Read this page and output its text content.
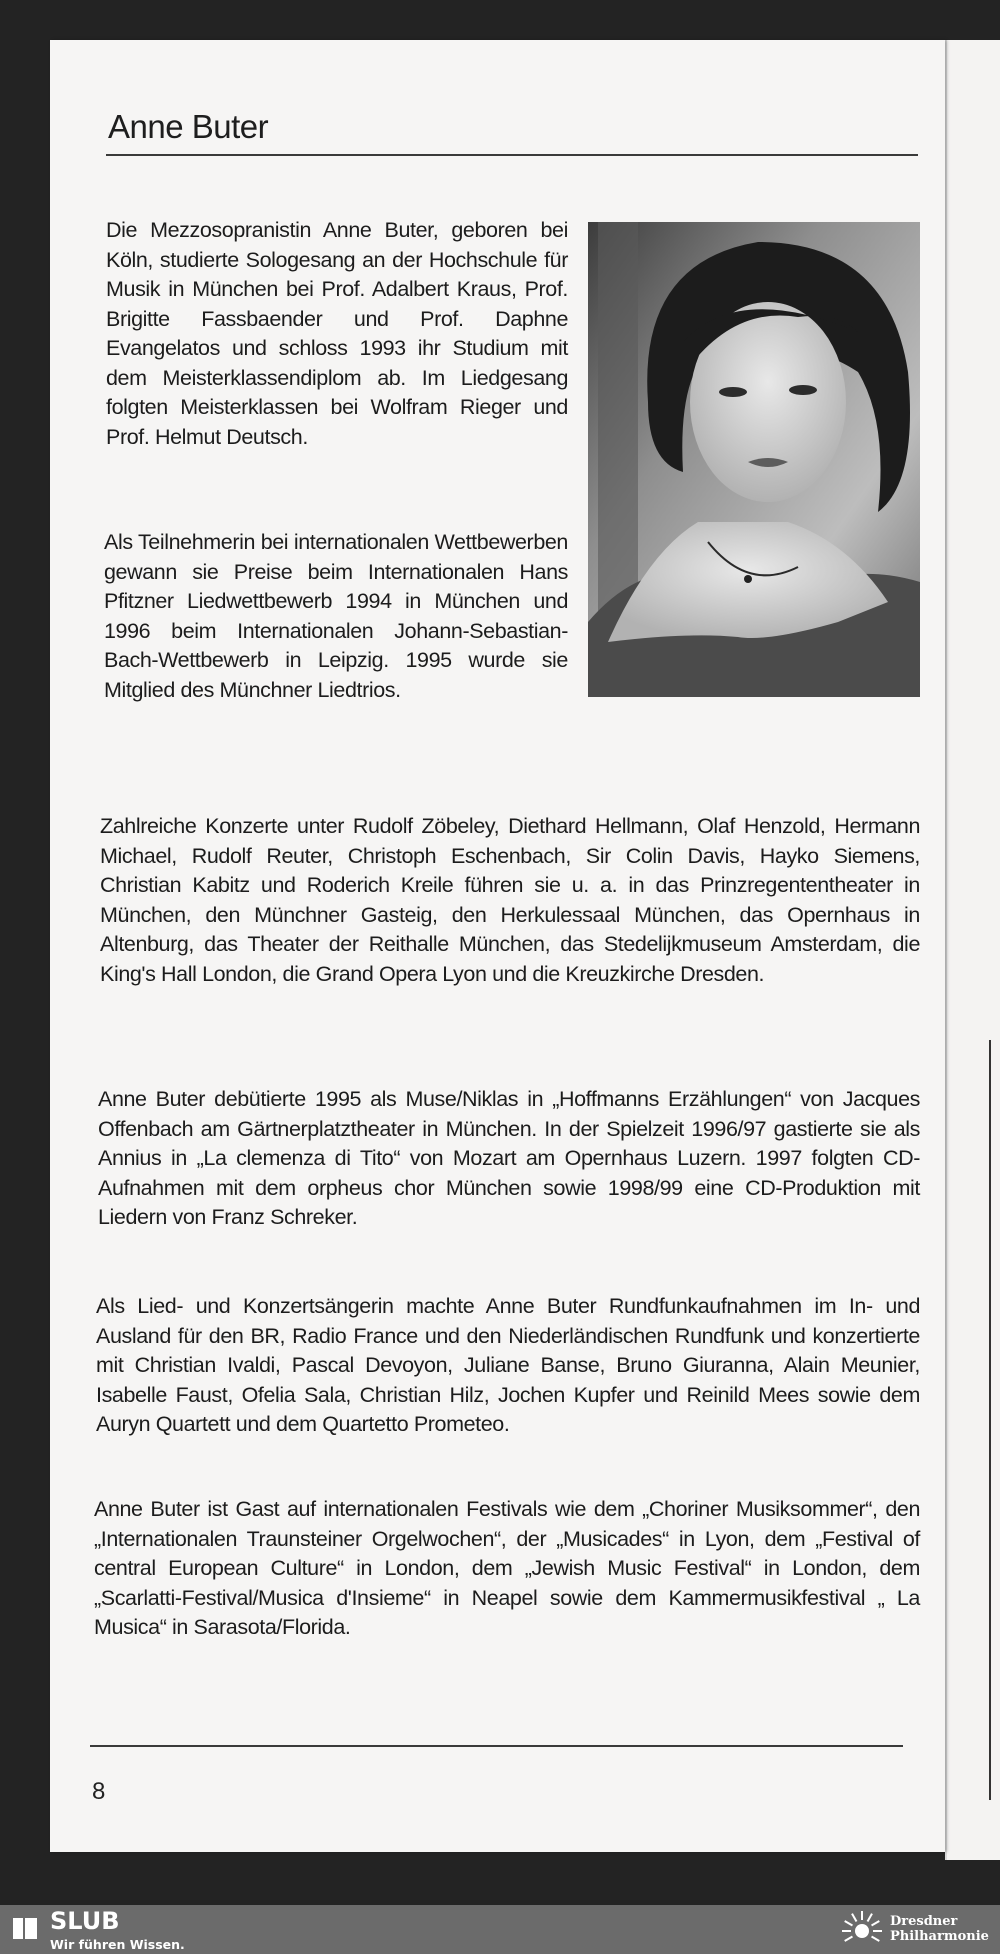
Anne Buter

Die Mezzosopranistin Anne Buter, geboren bei Köln, studierte Sologesang an der Hochschule für Musik in München bei Prof. Adalbert Kraus, Prof. Brigitte Fassbaender und Prof. Daphne Evangelatos und schloss 1993 ihr Studium mit dem Meisterklassendiplom ab. Im Liedgesang folgten Meisterklassen bei Wolfram Rieger und Prof. Helmut Deutsch.

Als Teilnehmerin bei internationalen Wettbewerben gewann sie Preise beim Internationalen Hans Pfitzner Liedwettbewerb 1994 in München und 1996 beim Internationalen Johann-Sebastian-Bach-Wettbewerb in Leipzig. 1995 wurde sie Mitglied des Münchner Liedtrios.

Zahlreiche Konzerte unter Rudolf Zöbeley, Diethard Hellmann, Olaf Henzold, Hermann Michael, Rudolf Reuter, Christoph Eschenbach, Sir Colin Davis, Hayko Siemens, Christian Kabitz und Roderich Kreile führen sie u. a. in das Prinzregententheater in München, den Münchner Gasteig, den Herkulessaal München, das Opernhaus in Altenburg, das Theater der Reithalle München, das Stedelijkmuseum Amsterdam, die King's Hall London, die Grand Opera Lyon und die Kreuzkirche Dresden.

Anne Buter debütierte 1995 als Muse/Niklas in „Hoffmanns Erzählungen“ von Jacques Offenbach am Gärtnerplatztheater in München. In der Spielzeit 1996/97 gastierte sie als Annius in „La clemenza di Tito“ von Mozart am Opernhaus Luzern. 1997 folgten CD-Aufnahmen mit dem orpheus chor München sowie 1998/99 eine CD-Produktion mit Liedern von Franz Schreker.

Als Lied- und Konzertsängerin machte Anne Buter Rundfunkaufnahmen im In- und Ausland für den BR, Radio France und den Niederländischen Rundfunk und konzertierte mit Christian Ivaldi, Pascal Devoyon, Juliane Banse, Bruno Giuranna, Alain Meunier, Isabelle Faust, Ofelia Sala, Christian Hilz, Jochen Kupfer und Reinild Mees sowie dem Auryn Quartett und dem Quartetto Prometeo.

Anne Buter ist Gast auf internationalen Festivals wie dem „Choriner Musiksommer“, den „Internationalen Traunsteiner Orgelwochen“, der „Musicades“ in Lyon, dem „Festival of central European Culture“ in London, dem „Jewish Music Festival“ in London, dem „Scarlatti-Festival/Musica d'Insieme“ in Neapel sowie dem Kammermusikfestival „ La Musica“ in Sarasota/Florida.

8
SLUB
Wir führen Wissen.
Dresdner
Philharmonie
